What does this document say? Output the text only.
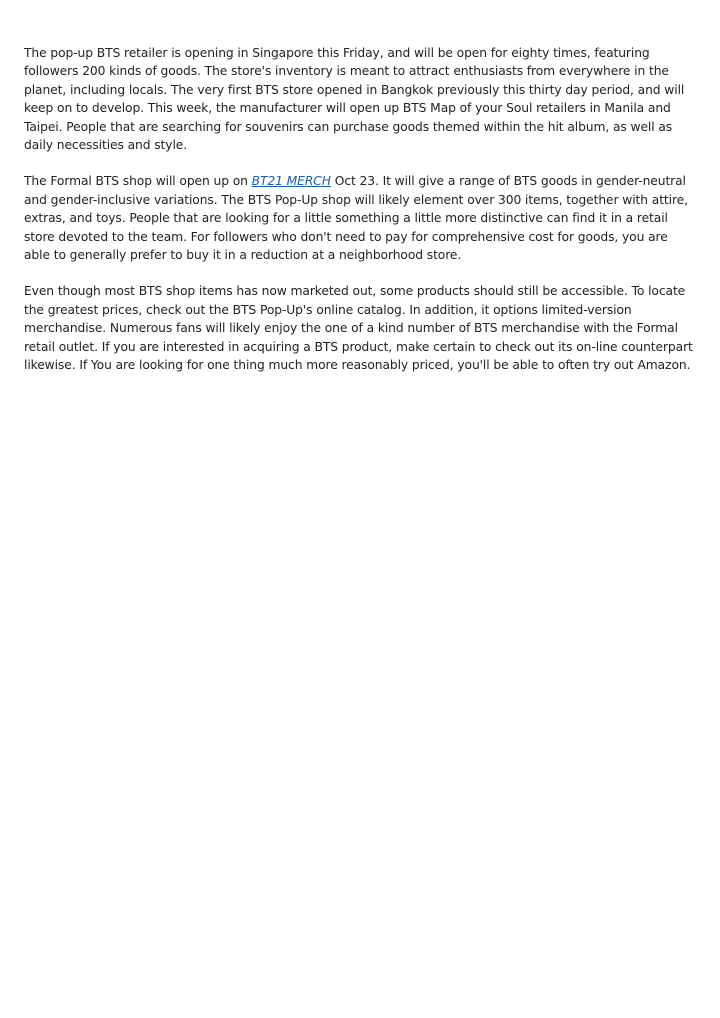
The pop-up BTS retailer is opening in Singapore this Friday, and will be open for eighty times, featuring followers 200 kinds of goods. The store's inventory is meant to attract enthusiasts from everywhere in the planet, including locals. The very first BTS store opened in Bangkok previously this thirty day period, and will keep on to develop. This week, the manufacturer will open up BTS Map of your Soul retailers in Manila and Taipei. People that are searching for souvenirs can purchase goods themed within the hit album, as well as daily necessities and style.

The Formal BTS shop will open up on BT21 MERCH Oct 23. It will give a range of BTS goods in gender-neutral and gender-inclusive variations. The BTS Pop-Up shop will likely element over 300 items, together with attire, extras, and toys. People that are looking for a little something a little more distinctive can find it in a retail store devoted to the team. For followers who don't need to pay for comprehensive cost for goods, you are able to generally prefer to buy it in a reduction at a neighborhood store.

Even though most BTS shop items has now marketed out, some products should still be accessible. To locate the greatest prices, check out the BTS Pop-Up's online catalog. In addition, it options limited-version merchandise. Numerous fans will likely enjoy the one of a kind number of BTS merchandise with the Formal retail outlet. If you are interested in acquiring a BTS product, make certain to check out its on-line counterpart likewise. If You are looking for one thing much more reasonably priced, you'll be able to often try out Amazon.
